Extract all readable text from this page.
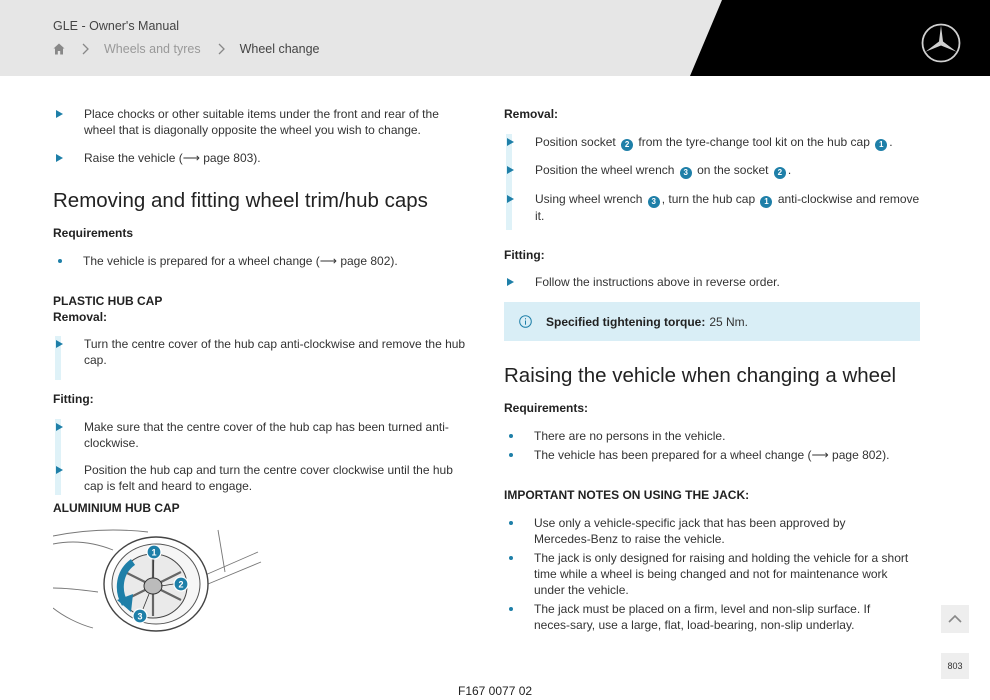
GLE - Owner's Manual
Wheels and tyres	Wheel change
Place chocks or other suitable items under the front and rear of the wheel that is diagonally opposite the wheel you wish to change.
Raise the vehicle (⟶ page 803).
Removing and fitting wheel trim/hub caps
Requirements
The vehicle is prepared for a wheel change (⟶ page 802).
PLASTIC HUB CAP
Removal:
Turn the centre cover of the hub cap anti-clockwise and remove the hub cap.
Fitting:
Make sure that the centre cover of the hub cap has been turned anti-clockwise.
Position the hub cap and turn the centre cover clockwise until the hub cap is felt and heard to engage.
ALUMINIUM HUB CAP
1
2
3
F167 0077 02
Removal:
Position socket 2 from the tyre-change tool kit on the hub cap 1 .
Position the wheel wrench 3 on the socket 2 .
Using wheel wrench 3 , turn the hub cap 1 anti-clockwise and remove it.
Fitting:
Follow the instructions above in reverse order.
Specified tightening torque: 25 Nm.
Raising the vehicle when changing a wheel
Requirements:
There are no persons in the vehicle.
The vehicle has been prepared for a wheel change (⟶ page 802).
IMPORTANT NOTES ON USING THE JACK:
Use only a vehicle-specific jack that has been approved by Mercedes-Benz to raise the vehicle.
The jack is only designed for raising and holding the vehicle for a short time while a wheel is being changed and not for maintenance work under the vehicle.
The jack must be placed on a firm, level and non-slip surface. If neces-sary, use a large, flat, load-bearing, non-slip underlay.
803
